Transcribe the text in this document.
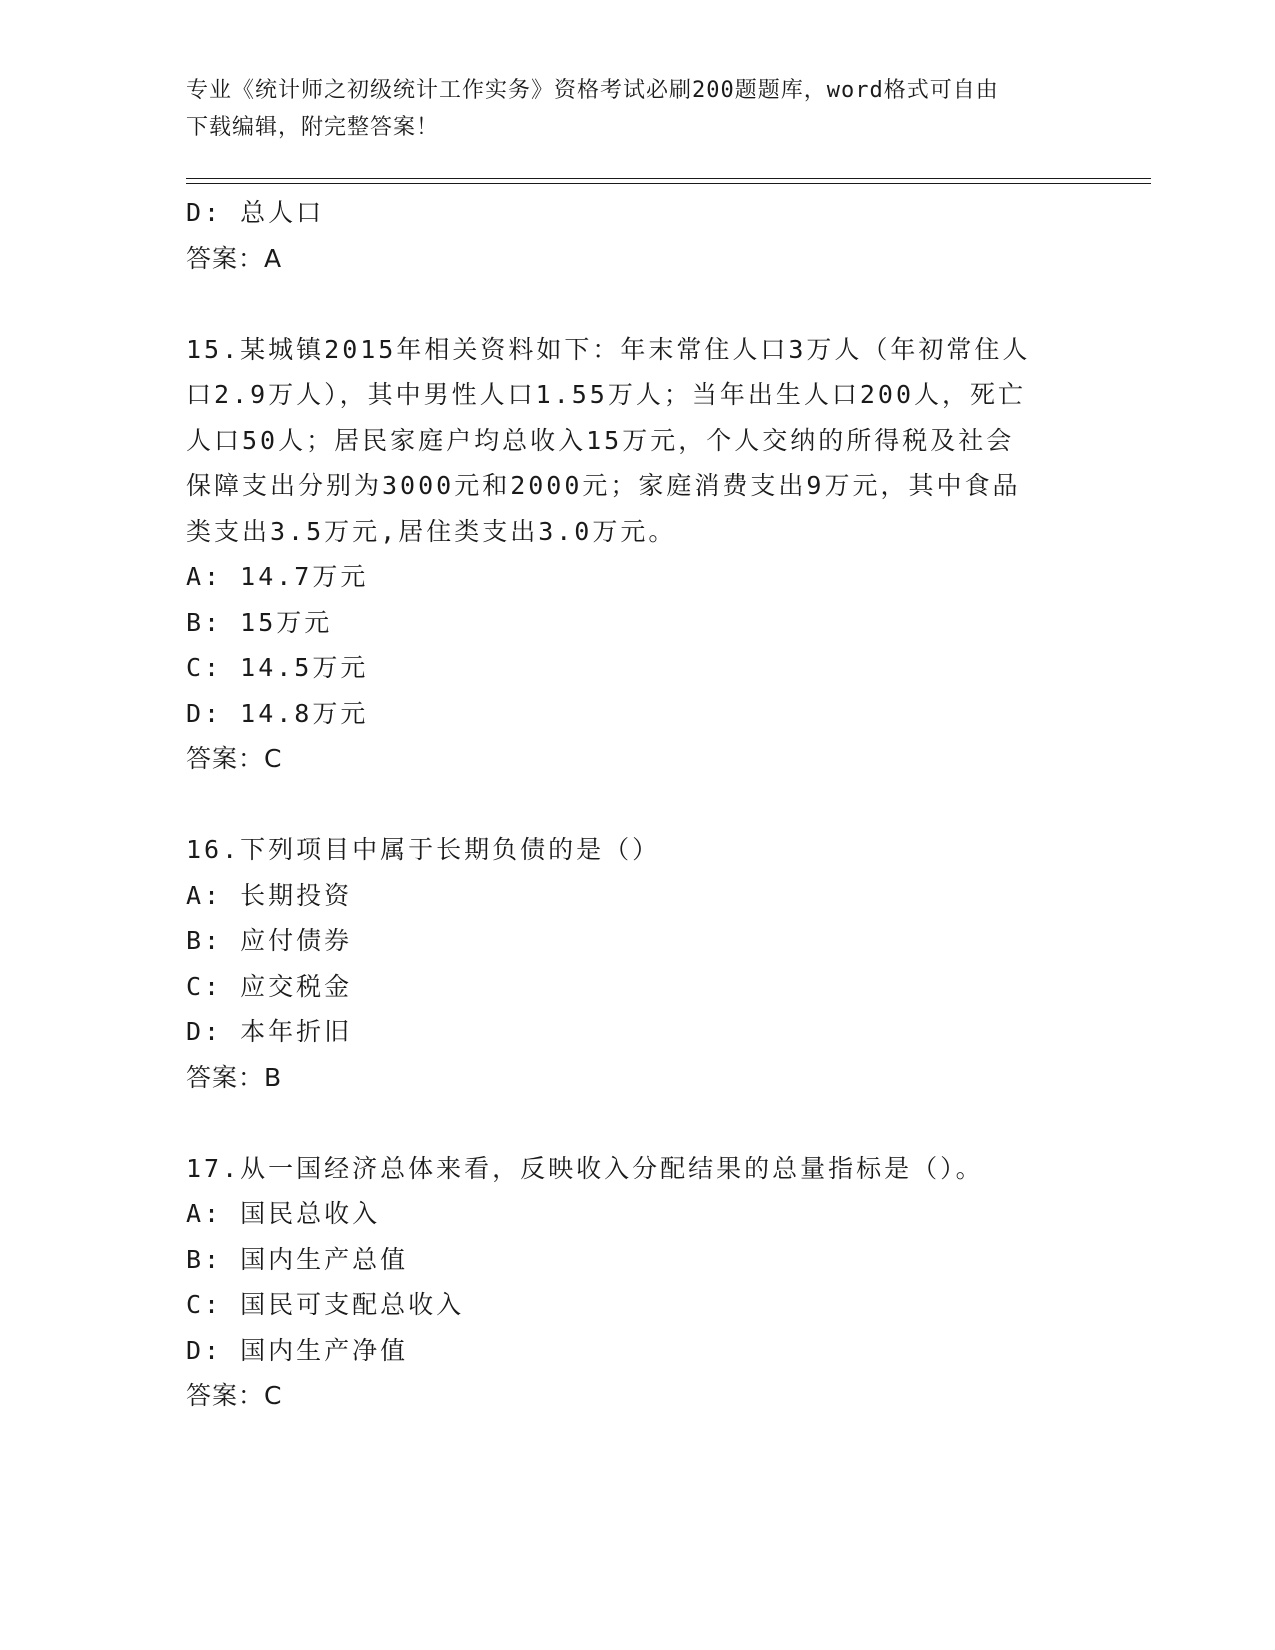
专业《统计师之初级统计工作实务》资格考试必刷200题题库，word格式可自由
下载编辑，附完整答案！
D: 总人口
答案：A
15.某城镇2015年相关资料如下：年末常住人口3万人（年初常住人
口2.9万人），其中男性人口1.55万人；当年出生人口200人，死亡
人口50人；居民家庭户均总收入15万元，个人交纳的所得税及社会
保障支出分别为3000元和2000元；家庭消费支出9万元，其中食品
类支出3.5万元,居住类支出3.0万元。
A: 14.7万元
B: 15万元
C: 14.5万元
D: 14.8万元
答案：C
16.下列项目中属于长期负债的是（）
A: 长期投资
B: 应付债券
C: 应交税金
D: 本年折旧
答案：B
17.从一国经济总体来看，反映收入分配结果的总量指标是（）。
A: 国民总收入
B: 国内生产总值
C: 国民可支配总收入
D: 国内生产净值
答案：C
